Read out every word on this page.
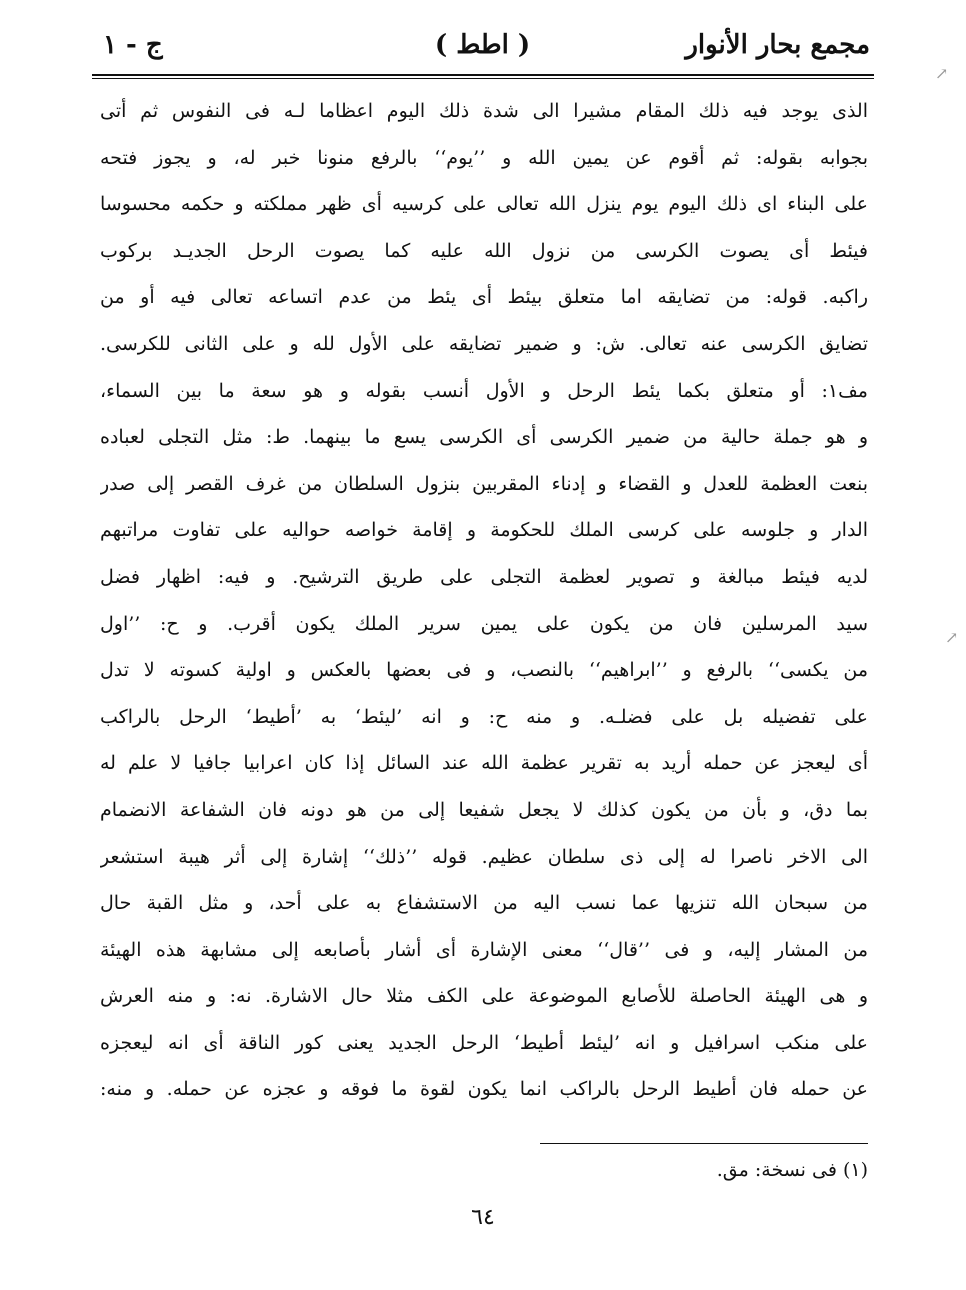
مجمع بحار الأنوار
( اطط )
ج - ١
الذى يوجد فيه ذلك المقام مشيرا الى شدة ذلك اليوم اعظاما لـه فى النفوس ثم أتى
بجوابه بقوله: ثم أقوم عن يمين الله و ’’يوم‘‘ بالرفع منونا خبر له، و يجوز فتحه
على البناء اى ذلك اليوم يوم ينزل الله تعالى على كرسيه أى ظهر مملكته و حكمه محسوسا
فيئط أى يصوت الكرسى من نزول الله عليه كما يصوت الرحل الجديـد بركوب
راكبه. قوله: من تضايقه اما متعلق بيئط أى يئط من عدم اتساعه تعالى فيه أو من
تضايق الكرسى عنه تعالى. ش: و ضمير تضايقه على الأول لله و على الثانى للكرسى.
مف١: أو متعلق بكما يئط الرحل و الأول أنسب بقوله و هو سعة ما بين السماء،
و هو جملة حالية من ضمير الكرسى أى الكرسى يسع ما بينهما. ط: مثل التجلى لعباده
بنعت العظمة للعدل و القضاء و إدناء المقربين بنزول السلطان من غرف القصر إلى صدر
الدار و جلوسه على كرسى الملك للحكومة و إقامة خواصه حواليه على تفاوت مراتبهم
لديه فيئط مبالغة و تصوير لعظمة التجلى على طريق الترشيح. و فيه: اظهار فضل
سيد المرسلين فان من يكون على يمين سرير الملك يكون أقرب. و ح: ’’اول
من يكسى‘‘ بالرفع و ’’ابراهيم‘‘ بالنصب، و فى بعضها بالعكس و اولية كسوته لا تدل
على تفضيله بل على فضلـه. و منه ح: و انه ’ليئط‘ به ’أطيط‘ الرحل بالراكب
أى ليعجز عن حمله أريد به تقرير عظمة الله عند السائل إذا كان اعرابيا جافيا لا علم له
بما دق، و بأن من يكون كذلك لا يجعل شفيعا إلى من هو دونه فان الشفاعة الانضمام
الى الاخر ناصرا له إلى ذى سلطان عظيم. قوله ’’ذلك‘‘ إشارة إلى أثر هيبة استشعر
من سبحان الله تنزيها عما نسب اليه من الاستشفاع به على أحد، و مثل القبة حال
من المشار إليه، و فى ’’قال‘‘ معنى الإشارة أى أشار بأصابعه إلى مشابهة هذه الهيئة
و هى الهيئة الحاصلة للأصابع الموضوعة على الكف مثلا حال الاشارة. نه: و منه العرش
على منكب اسرافيل و انه ’ليئط أطيط‘ الرحل الجديد يعنى كور الناقة أى انه ليعجزه
عن حمله فان أطيط الرحل بالراكب انما يكون لقوة ما فوقه و عجزه عن حمله. و منه:
(١) فى نسخة: مق.
٦٤
↗
↗
